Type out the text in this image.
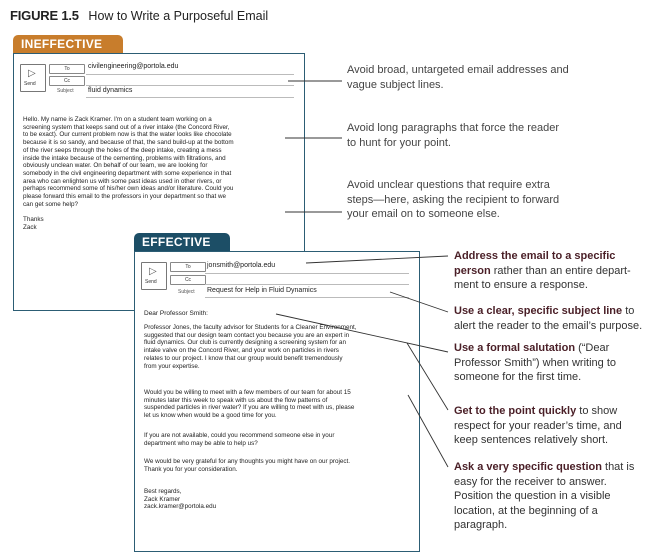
FIGURE 1.5 How to Write a Purposeful Email
INEFFECTIVE
▷
Send
To	civilengineering@portola.edu
Cc
Subject fluid dynamics
Hello. My name is Zack Kramer. I'm on a student team working on a
screening system that keeps sand out of a river intake (the Concord River,
to be exact). Our current problem now is that the water looks like chocolate
because it is so sandy, and because of that, the sand build-up at the bottom
of the river seeps through the holes of the deep intake, creating a mess
inside the intake because of the cementing, problems with filtrations, and
obviously unclean water. On behalf of our team, we are looking for
somebody in the civil engineering department with some experience in that
area who can enlighten us with some past ideas used in other rivers, or
perhaps recommend some of his/her own ideas and/or literature. Could you
please forward this email to the professors in your department so that we
can get some help?

Thanks
Zack
EFFECTIVE
▷
Send
To	jonsmith@portola.edu
Cc
Subject Request for Help in Fluid Dynamics
Dear Professor Smith:
Professor Jones, the faculty advisor for Students for a Cleaner Environment,
suggested that our design team contact you because you are an expert in
fluid dynamics. Our club is currently designing a screening system for an
intake valve on the Concord River, and your work on particles in rivers
relates to our project. I know that our group would benefit tremendously
from your expertise.
Would you be willing to meet with a few members of our team for about 15
minutes later this week to speak with us about the flow patterns of
suspended particles in river water? If you are willing to meet with us, please
let us know when would be a good time for you.
If you are not available, could you recommend someone else in your
department who may be able to help us?
We would be very grateful for any thoughts you might have on our project.
Thank you for your consideration.
Best regards,
Zack Kramer
zack.kramer@portola.edu
Avoid broad, untargeted email addresses and
vague subject lines.
Avoid long paragraphs that force the reader
to hunt for your point.
Avoid unclear questions that require extra
steps—here, asking the recipient to forward
your email on to someone else.
Address the email to a specific
person rather than an entire depart-
ment to ensure a response.
Use a clear, specific subject line to
alert the reader to the email’s purpose.
Use a formal salutation (“Dear
Professor Smith”) when writing to
someone for the first time.
Get to the point quickly to show
respect for your reader’s time, and
keep sentences relatively short.
Ask a very specific question that is
easy for the receiver to answer.
Position the question in a visible
location, at the beginning of a
paragraph.
